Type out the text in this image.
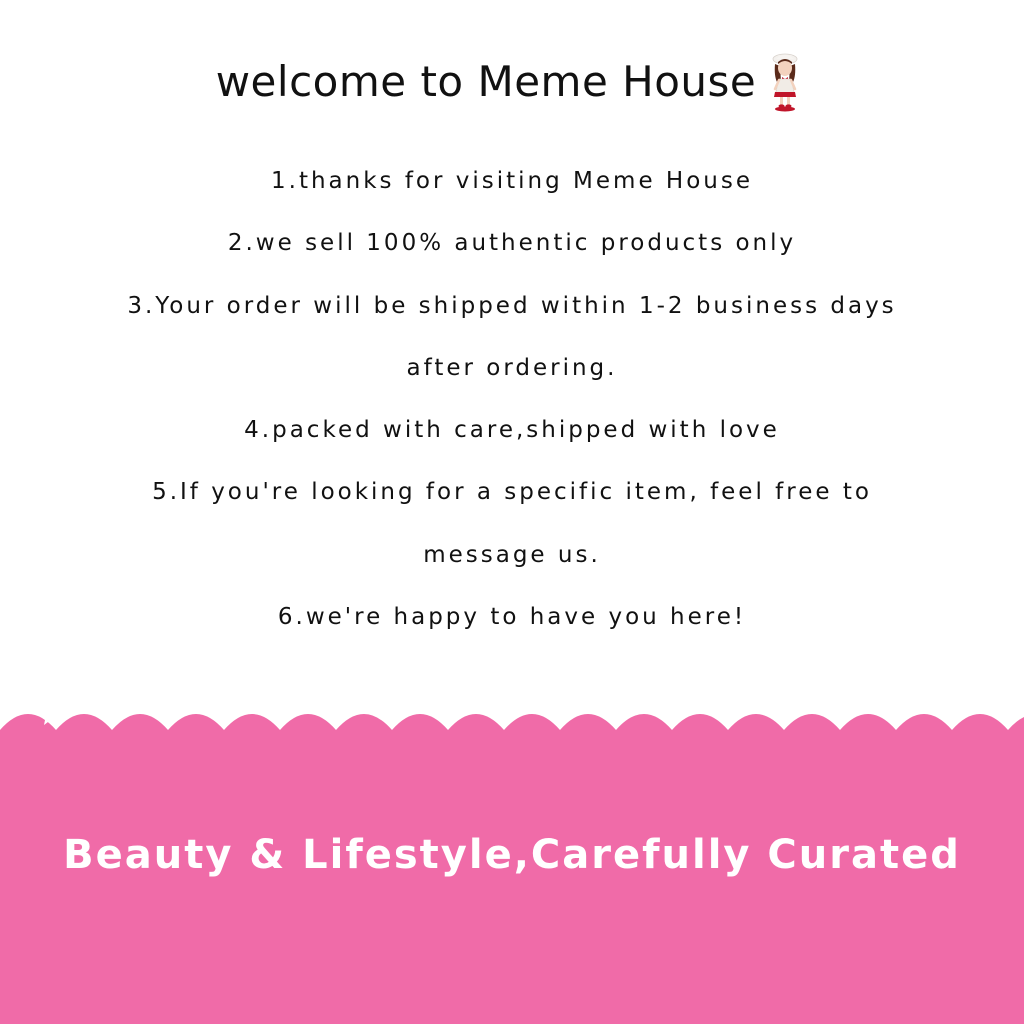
welcome to Meme House
1.thanks for visiting Meme House
2.we sell 100% authentic products only
3.Your order will be shipped within 1-2 business days
after ordering.
4.packed with care,shipped with love
5.If you're looking for a specific item, feel free to
message us.
6.we're happy to have you here!
Beauty & Lifestyle,Carefully Curated
